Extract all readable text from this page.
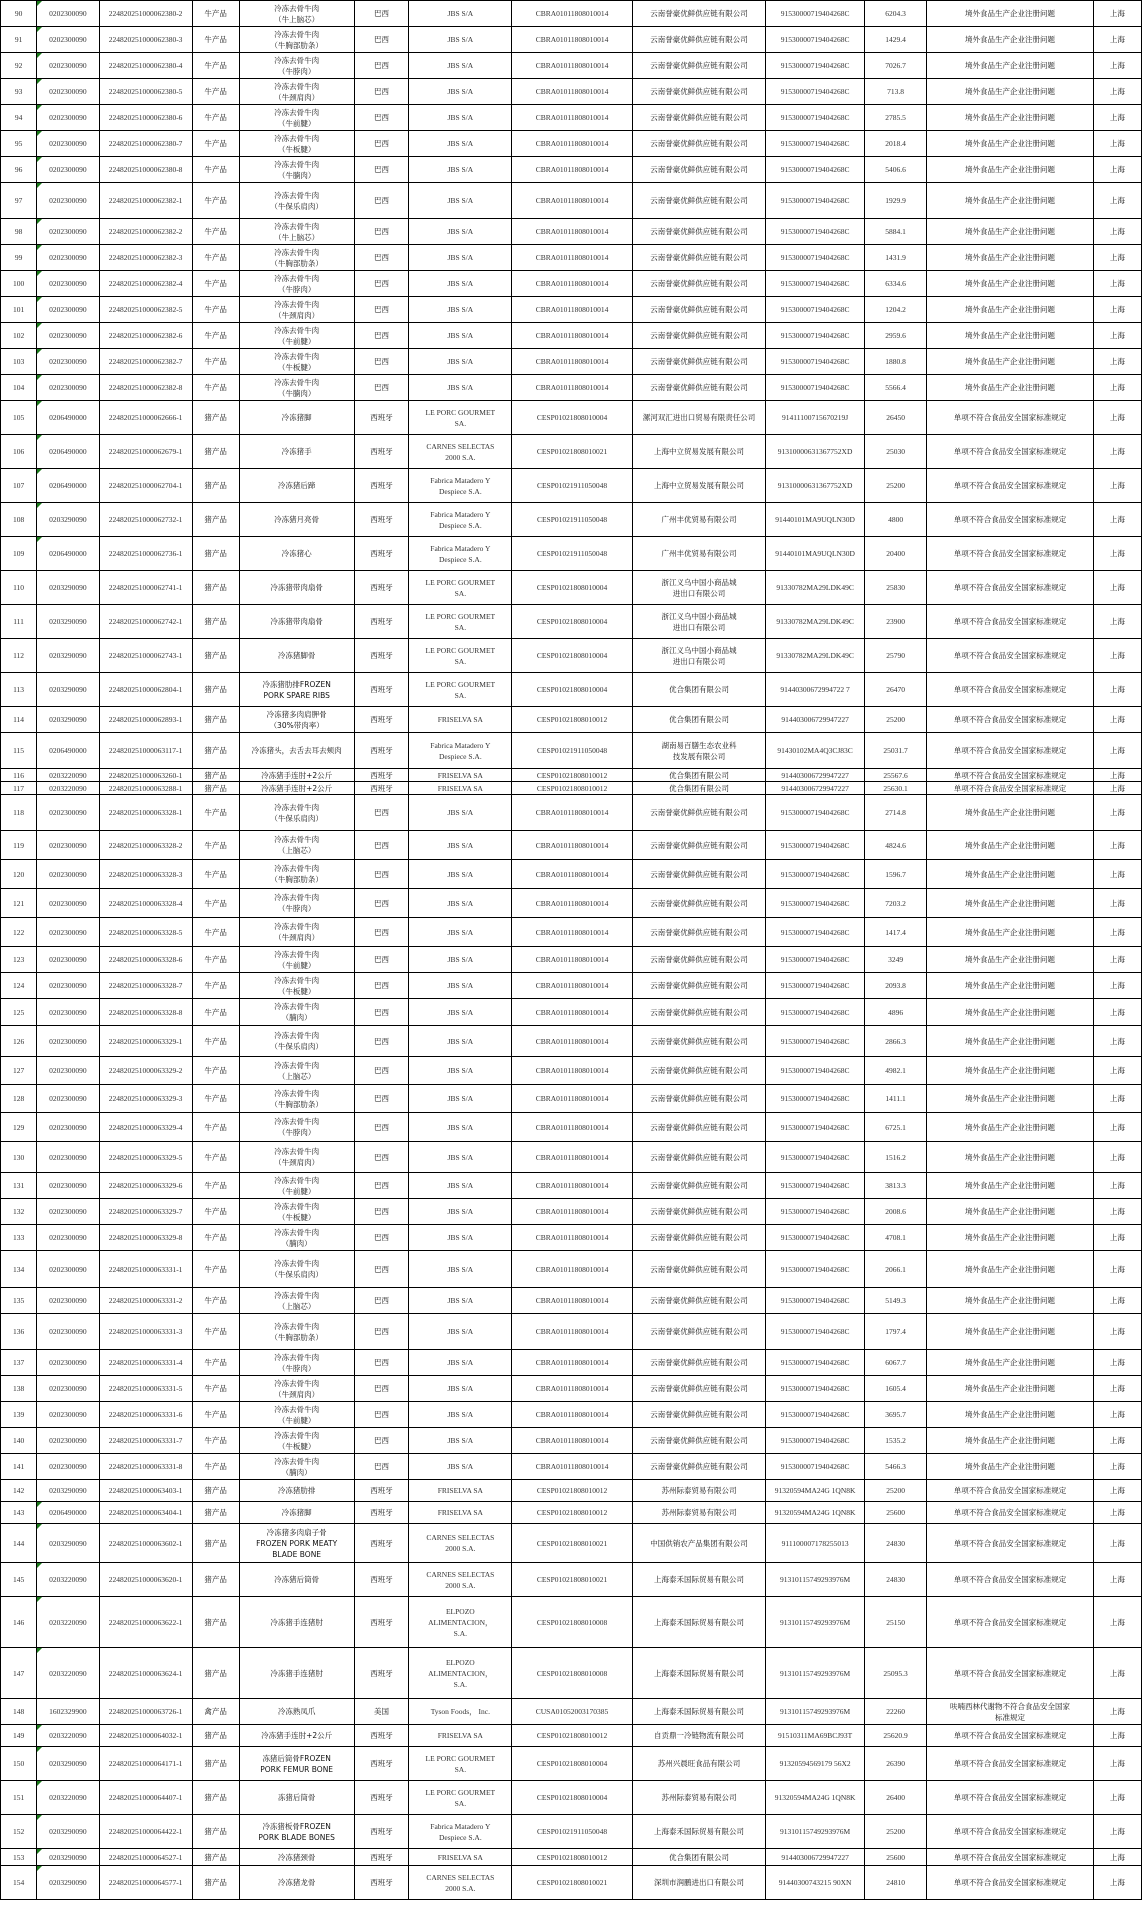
90	0202300090	224820251000062380-2	牛产品	冷冻去骨牛肉
（牛上脑芯）	巴西	JBS S/A	CBRA01011808010014	云南誉豪优鲜供应链有限公司	91530000719404268C	6204.3	境外食品生产企业注册问题	上海
91	0202300090	224820251000062380-3	牛产品	冷冻去骨牛肉
（牛胸部肋条）	巴西	JBS S/A	CBRA01011808010014	云南誉豪优鲜供应链有限公司	91530000719404268C	1429.4	境外食品生产企业注册问题	上海
92	0202300090	224820251000062380-4	牛产品	冷冻去骨牛肉
（牛脖肉）	巴西	JBS S/A	CBRA01011808010014	云南誉豪优鲜供应链有限公司	91530000719404268C	7026.7	境外食品生产企业注册问题	上海
93	0202300090	224820251000062380-5	牛产品	冷冻去骨牛肉
（牛颈肩肉）	巴西	JBS S/A	CBRA01011808010014	云南誉豪优鲜供应链有限公司	91530000719404268C	713.8	境外食品生产企业注册问题	上海
94	0202300090	224820251000062380-6	牛产品	冷冻去骨牛肉
（牛前腱）	巴西	JBS S/A	CBRA01011808010014	云南誉豪优鲜供应链有限公司	91530000719404268C	2785.5	境外食品生产企业注册问题	上海
95	0202300090	224820251000062380-7	牛产品	冷冻去骨牛肉
（牛板腱）	巴西	JBS S/A	CBRA01011808010014	云南誉豪优鲜供应链有限公司	91530000719404268C	2018.4	境外食品生产企业注册问题	上海
96	0202300090	224820251000062380-8	牛产品	冷冻去骨牛肉
（牛腩肉）	巴西	JBS S/A	CBRA01011808010014	云南誉豪优鲜供应链有限公司	91530000719404268C	5406.6	境外食品生产企业注册问题	上海
97	0202300090	224820251000062382-1	牛产品	冷冻去骨牛肉
（牛保乐肩肉）	巴西	JBS S/A	CBRA01011808010014	云南誉豪优鲜供应链有限公司	91530000719404268C	1929.9	境外食品生产企业注册问题	上海
98	0202300090	224820251000062382-2	牛产品	冷冻去骨牛肉
（牛上脑芯）	巴西	JBS S/A	CBRA01011808010014	云南誉豪优鲜供应链有限公司	91530000719404268C	5884.1	境外食品生产企业注册问题	上海
99	0202300090	224820251000062382-3	牛产品	冷冻去骨牛肉
（牛胸部肋条）	巴西	JBS S/A	CBRA01011808010014	云南誉豪优鲜供应链有限公司	91530000719404268C	1431.9	境外食品生产企业注册问题	上海
100	0202300090	224820251000062382-4	牛产品	冷冻去骨牛肉
（牛脖肉）	巴西	JBS S/A	CBRA01011808010014	云南誉豪优鲜供应链有限公司	91530000719404268C	6334.6	境外食品生产企业注册问题	上海
101	0202300090	224820251000062382-5	牛产品	冷冻去骨牛肉
（牛颈肩肉）	巴西	JBS S/A	CBRA01011808010014	云南誉豪优鲜供应链有限公司	91530000719404268C	1204.2	境外食品生产企业注册问题	上海
102	0202300090	224820251000062382-6	牛产品	冷冻去骨牛肉
（牛前腱）	巴西	JBS S/A	CBRA01011808010014	云南誉豪优鲜供应链有限公司	91530000719404268C	2959.6	境外食品生产企业注册问题	上海
103	0202300090	224820251000062382-7	牛产品	冷冻去骨牛肉
（牛板腱）	巴西	JBS S/A	CBRA01011808010014	云南誉豪优鲜供应链有限公司	91530000719404268C	1880.8	境外食品生产企业注册问题	上海
104	0202300090	224820251000062382-8	牛产品	冷冻去骨牛肉
（牛腩肉）	巴西	JBS S/A	CBRA01011808010014	云南誉豪优鲜供应链有限公司	91530000719404268C	5566.4	境外食品生产企业注册问题	上海
105	0206490000	224820251000062666-1	猪产品	冷冻猪脚	西班牙	LE PORC GOURMET
SA.	CESP01021808010004	漯河双汇进出口贸易有限责任公司	91411100715670219J	26450	单项不符合食品安全国家标准规定	上海
106	0206490000	224820251000062679-1	猪产品	冷冻猪手	西班牙	CARNES SELECTAS
2000 S.A.	CESP01021808010021	上海中立贸易发展有限公司	91310000631367752XD	25030	单项不符合食品安全国家标准规定	上海
107	0206490000	224820251000062704-1	猪产品	冷冻猪后蹄	西班牙	Fabrica Matadero Y
Despiece S.A.	CESP01021911050048	上海中立贸易发展有限公司	91310000631367752XD	25200	单项不符合食品安全国家标准规定	上海
108	0203290090	224820251000062732-1	猪产品	冷冻猪月亮骨	西班牙	Fabrica Matadero Y
Despiece S.A.	CESP01021911050048	广州丰优贸易有限公司	91440101MA9UQLN30D	4800	单项不符合食品安全国家标准规定	上海
109	0206490000	224820251000062736-1	猪产品	冷冻猪心	西班牙	Fabrica Matadero Y
Despiece S.A.	CESP01021911050048	广州丰优贸易有限公司	91440101MA9UQLN30D	20400	单项不符合食品安全国家标准规定	上海
110	0203290090	224820251000062741-1	猪产品	冷冻猪带肉扇骨	西班牙	LE PORC GOURMET
SA.	CESP01021808010004	浙江义乌中国小商品城
进出口有限公司	91330782MA29LDK49C	25830	单项不符合食品安全国家标准规定	上海
111	0203290090	224820251000062742-1	猪产品	冷冻猪带肉扇骨	西班牙	LE PORC GOURMET
SA.	CESP01021808010004	浙江义乌中国小商品城
进出口有限公司	91330782MA29LDK49C	23900	单项不符合食品安全国家标准规定	上海
112	0203290090	224820251000062743-1	猪产品	冷冻猪脚骨	西班牙	LE PORC GOURMET
SA.	CESP01021808010004	浙江义乌中国小商品城
进出口有限公司	91330782MA29LDK49C	25790	单项不符合食品安全国家标准规定	上海
113	0203290090	224820251000062804-1	猪产品	冷冻猪肋排FROZEN
PORK SPARE RIBS	西班牙	LE PORC GOURMET
SA.	CESP01021808010004	优合集团有限公司	91440300672994722 7	26470	单项不符合食品安全国家标准规定	上海
114	0203290090	224820251000062893-1	猪产品	冷冻猪多肉肩胛骨
（30%带肉率）	西班牙	FRISELVA SA	CESP01021808010012	优合集团有限公司	914403006729947227	25200	单项不符合食品安全国家标准规定	上海
115	0206490000	224820251000063117-1	猪产品	冷冻猪头，去舌去耳去颊肉	西班牙	Fabrica Matadero Y
Despiece S.A.	CESP01021911050048	湖南易百膳生态农业科
技发展有限公司	91430102MA4Q3CJ83C	25031.7	单项不符合食品安全国家标准规定	上海
116	0203220090	224820251000063260-1	猪产品	冷冻猪手连肘+2公斤	西班牙	FRISELVA SA	CESP01021808010012	优合集团有限公司	914403006729947227	25567.6	单项不符合食品安全国家标准规定	上海
117	0203220090	224820251000063288-1	猪产品	冷冻猪手连肘+2公斤	西班牙	FRISELVA SA	CESP01021808010012	优合集团有限公司	914403006729947227	25630.1	单项不符合食品安全国家标准规定	上海
118	0202300090	224820251000063328-1	牛产品	冷冻去骨牛肉
（牛保乐肩肉）	巴西	JBS S/A	CBRA01011808010014	云南誉豪优鲜供应链有限公司	91530000719404268C	2714.8	境外食品生产企业注册问题	上海
119	0202300090	224820251000063328-2	牛产品	冷冻去骨牛肉
（上脑芯）	巴西	JBS S/A	CBRA01011808010014	云南誉豪优鲜供应链有限公司	91530000719404268C	4824.6	境外食品生产企业注册问题	上海
120	0202300090	224820251000063328-3	牛产品	冷冻去骨牛肉
（牛胸部肋条）	巴西	JBS S/A	CBRA01011808010014	云南誉豪优鲜供应链有限公司	91530000719404268C	1596.7	境外食品生产企业注册问题	上海
121	0202300090	224820251000063328-4	牛产品	冷冻去骨牛肉
（牛脖肉）	巴西	JBS S/A	CBRA01011808010014	云南誉豪优鲜供应链有限公司	91530000719404268C	7203.2	境外食品生产企业注册问题	上海
122	0202300090	224820251000063328-5	牛产品	冷冻去骨牛肉
（牛颈肩肉）	巴西	JBS S/A	CBRA01011808010014	云南誉豪优鲜供应链有限公司	91530000719404268C	1417.4	境外食品生产企业注册问题	上海
123	0202300090	224820251000063328-6	牛产品	冷冻去骨牛肉
（牛前腱）	巴西	JBS S/A	CBRA01011808010014	云南誉豪优鲜供应链有限公司	91530000719404268C	3249	境外食品生产企业注册问题	上海
124	0202300090	224820251000063328-7	牛产品	冷冻去骨牛肉
（牛板腱）	巴西	JBS S/A	CBRA01011808010014	云南誉豪优鲜供应链有限公司	91530000719404268C	2093.8	境外食品生产企业注册问题	上海
125	0202300090	224820251000063328-8	牛产品	冷冻去骨牛肉
（腩肉）	巴西	JBS S/A	CBRA01011808010014	云南誉豪优鲜供应链有限公司	91530000719404268C	4896	境外食品生产企业注册问题	上海
126	0202300090	224820251000063329-1	牛产品	冷冻去骨牛肉
（牛保乐肩肉）	巴西	JBS S/A	CBRA01011808010014	云南誉豪优鲜供应链有限公司	91530000719404268C	2866.3	境外食品生产企业注册问题	上海
127	0202300090	224820251000063329-2	牛产品	冷冻去骨牛肉
（上脑芯）	巴西	JBS S/A	CBRA01011808010014	云南誉豪优鲜供应链有限公司	91530000719404268C	4982.1	境外食品生产企业注册问题	上海
128	0202300090	224820251000063329-3	牛产品	冷冻去骨牛肉
（牛胸部肋条）	巴西	JBS S/A	CBRA01011808010014	云南誉豪优鲜供应链有限公司	91530000719404268C	1411.1	境外食品生产企业注册问题	上海
129	0202300090	224820251000063329-4	牛产品	冷冻去骨牛肉
（牛脖肉）	巴西	JBS S/A	CBRA01011808010014	云南誉豪优鲜供应链有限公司	91530000719404268C	6725.1	境外食品生产企业注册问题	上海
130	0202300090	224820251000063329-5	牛产品	冷冻去骨牛肉
（牛颈肩肉）	巴西	JBS S/A	CBRA01011808010014	云南誉豪优鲜供应链有限公司	91530000719404268C	1516.2	境外食品生产企业注册问题	上海
131	0202300090	224820251000063329-6	牛产品	冷冻去骨牛肉
（牛前腱）	巴西	JBS S/A	CBRA01011808010014	云南誉豪优鲜供应链有限公司	91530000719404268C	3813.3	境外食品生产企业注册问题	上海
132	0202300090	224820251000063329-7	牛产品	冷冻去骨牛肉
（牛板腱）	巴西	JBS S/A	CBRA01011808010014	云南誉豪优鲜供应链有限公司	91530000719404268C	2008.6	境外食品生产企业注册问题	上海
133	0202300090	224820251000063329-8	牛产品	冷冻去骨牛肉
（腩肉）	巴西	JBS S/A	CBRA01011808010014	云南誉豪优鲜供应链有限公司	91530000719404268C	4708.1	境外食品生产企业注册问题	上海
134	0202300090	224820251000063331-1	牛产品	冷冻去骨牛肉
（牛保乐肩肉）	巴西	JBS S/A	CBRA01011808010014	云南誉豪优鲜供应链有限公司	91530000719404268C	2066.1	境外食品生产企业注册问题	上海
135	0202300090	224820251000063331-2	牛产品	冷冻去骨牛肉
（上脑芯）	巴西	JBS S/A	CBRA01011808010014	云南誉豪优鲜供应链有限公司	91530000719404268C	5149.3	境外食品生产企业注册问题	上海
136	0202300090	224820251000063331-3	牛产品	冷冻去骨牛肉
（牛胸部肋条）	巴西	JBS S/A	CBRA01011808010014	云南誉豪优鲜供应链有限公司	91530000719404268C	1797.4	境外食品生产企业注册问题	上海
137	0202300090	224820251000063331-4	牛产品	冷冻去骨牛肉
（牛脖肉）	巴西	JBS S/A	CBRA01011808010014	云南誉豪优鲜供应链有限公司	91530000719404268C	6067.7	境外食品生产企业注册问题	上海
138	0202300090	224820251000063331-5	牛产品	冷冻去骨牛肉
（牛颈肩肉）	巴西	JBS S/A	CBRA01011808010014	云南誉豪优鲜供应链有限公司	91530000719404268C	1605.4	境外食品生产企业注册问题	上海
139	0202300090	224820251000063331-6	牛产品	冷冻去骨牛肉
（牛前腱）	巴西	JBS S/A	CBRA01011808010014	云南誉豪优鲜供应链有限公司	91530000719404268C	3695.7	境外食品生产企业注册问题	上海
140	0202300090	224820251000063331-7	牛产品	冷冻去骨牛肉
（牛板腱）	巴西	JBS S/A	CBRA01011808010014	云南誉豪优鲜供应链有限公司	91530000719404268C	1535.2	境外食品生产企业注册问题	上海
141	0202300090	224820251000063331-8	牛产品	冷冻去骨牛肉
（腩肉）	巴西	JBS S/A	CBRA01011808010014	云南誉豪优鲜供应链有限公司	91530000719404268C	5466.3	境外食品生产企业注册问题	上海
142	0203290090	224820251000063403-1	猪产品	冷冻猪肋排	西班牙	FRISELVA SA	CESP01021808010012	苏州际泰贸易有限公司	91320594MA24G 1QN8K	25200	单项不符合食品安全国家标准规定	上海
143	0206490000	224820251000063404-1	猪产品	冷冻猪脚	西班牙	FRISELVA SA	CESP01021808010012	苏州际泰贸易有限公司	91320594MA24G 1QN8K	25600	单项不符合食品安全国家标准规定	上海
144	0203290090	224820251000063602-1	猪产品	冷冻猪多肉扇子骨
FROZEN PORK MEATY
BLADE BONE	西班牙	CARNES SELECTAS
2000 S.A.	CESP01021808010021	中国供销农产品集团有限公司	911100007178255013	24830	单项不符合食品安全国家标准规定	上海
145	0203220090	224820251000063620-1	猪产品	冷冻猪后筒骨	西班牙	CARNES SELECTAS
2000 S.A.	CESP01021808010021	上海泰禾国际贸易有限公司	91310115749293976M	24830	单项不符合食品安全国家标准规定	上海
146	0203220090	224820251000063622-1	猪产品	冷冻猪手连猪肘	西班牙	ELPOZO
ALIMENTACION，
S.A.	CESP01021808010008	上海泰禾国际贸易有限公司	91310115749293976M	25150	单项不符合食品安全国家标准规定	上海
147	0203220090	224820251000063624-1	猪产品	冷冻猪手连猪肘	西班牙	ELPOZO
ALIMENTACION，
S.A.	CESP01021808010008	上海泰禾国际贸易有限公司	91310115749293976M	25095.3	单项不符合食品安全国家标准规定	上海
148	1602329900	224820251000063726-1	禽产品	冷冻熟凤爪	美国	Tyson Foods， Inc.	CUSA01052003170385	上海泰禾国际贸易有限公司	91310115749293976M	22260	呋喃西林代谢物不符合食品安全国家
标准规定	上海
149	0203220090	224820251000064032-1	猪产品	冷冻猪手连肘+2公斤	西班牙	FRISELVA SA	CESP01021808010012	自贡鼎一冷链物流有限公司	91510311MA69BCJ93T	25620.9	单项不符合食品安全国家标准规定	上海
150	0203290090	224820251000064171-1	猪产品	冻猪后筒骨FROZEN
PORK FEMUR BONE	西班牙	LE PORC GOURMET
SA.	CESP01021808010004	苏州兴晨旺食品有限公司	91320594569179 56X2	26390	单项不符合食品安全国家标准规定	上海
151	0203220090	224820251000064407-1	猪产品	冻猪后筒骨	西班牙	LE PORC GOURMET
SA.	CESP01021808010004	苏州际泰贸易有限公司	91320594MA24G 1QN8K	26400	单项不符合食品安全国家标准规定	上海
152	0203290090	224820251000064422-1	猪产品	冷冻猪板骨FROZEN
PORK BLADE BONES	西班牙	Fabrica Matadero Y
Despiece S.A.	CESP01021911050048	上海泰禾国际贸易有限公司	91310115749293976M	25200	单项不符合食品安全国家标准规定	上海
153	0203290090	224820251000064527-1	猪产品	冷冻猪颈骨	西班牙	FRISELVA SA	CESP01021808010012	优合集团有限公司	914403006729947227	25600	单项不符合食品安全国家标准规定	上海
154	0203290090	224820251000064577-1	猪产品	冷冻猪龙骨	西班牙	CARNES SELECTAS
2000 S.A.	CESP01021808010021	深圳市润鹏进出口有限公司	91440300743215 90XN	24810	单项不符合食品安全国家标准规定	上海
